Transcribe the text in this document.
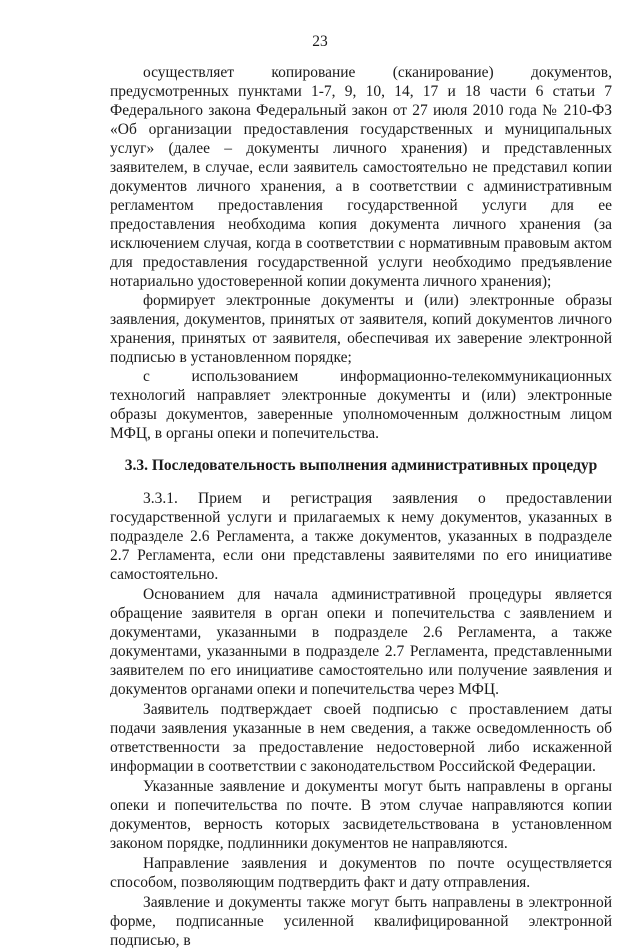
23

осуществляет копирование (сканирование) документов, предусмотренных пунктами 1-7, 9, 10, 14, 17 и 18 части 6 статьи 7 Федерального закона Федеральный закон от 27 июля 2010 года № 210-ФЗ «Об организации предоставления государственных и муниципальных услуг» (далее – документы личного хранения) и представленных заявителем, в случае, если заявитель самостоятельно не представил копии документов личного хранения, а в соответствии с административным регламентом предоставления государственной услуги для ее предоставления необходима копия документа личного хранения (за исключением случая, когда в соответствии с нормативным правовым актом для предоставления государственной услуги необходимо предъявление нотариально удостоверенной копии документа личного хранения);

формирует электронные документы и (или) электронные образы заявления, документов, принятых от заявителя, копий документов личного хранения, принятых от заявителя, обеспечивая их заверение электронной подписью в установленном порядке;

с использованием информационно-телекоммуникационных технологий направляет электронные документы и (или) электронные образы документов, заверенные уполномоченным должностным лицом МФЦ, в органы опеки и попечительства.

3.3. Последовательность выполнения административных процедур

3.3.1. Прием и регистрация заявления о предоставлении государственной услуги и прилагаемых к нему документов, указанных в подразделе 2.6 Регламента, а также документов, указанных в подразделе 2.7 Регламента, если они представлены заявителями по его инициативе самостоятельно.

Основанием для начала административной процедуры является обращение заявителя в орган опеки и попечительства с заявлением и документами, указанными в подразделе 2.6 Регламента, а также документами, указанными в подразделе 2.7 Регламента, представленными заявителем по его инициативе самостоятельно или получение заявления и документов органами опеки и попечительства через МФЦ.

Заявитель подтверждает своей подписью с проставлением даты подачи заявления указанные в нем сведения, а также осведомленность об ответственности за предоставление недостоверной либо искаженной информации в соответствии с законодательством Российской Федерации.

Указанные заявление и документы могут быть направлены в органы опеки и попечительства по почте. В этом случае направляются копии документов, верность которых засвидетельствована в установленном законом порядке, подлинники документов не направляются.

Направление заявления и документов по почте осуществляется способом, позволяющим подтвердить факт и дату отправления.

Заявление и документы также могут быть направлены в электронной форме, подписанные усиленной квалифицированной электронной подписью, в
